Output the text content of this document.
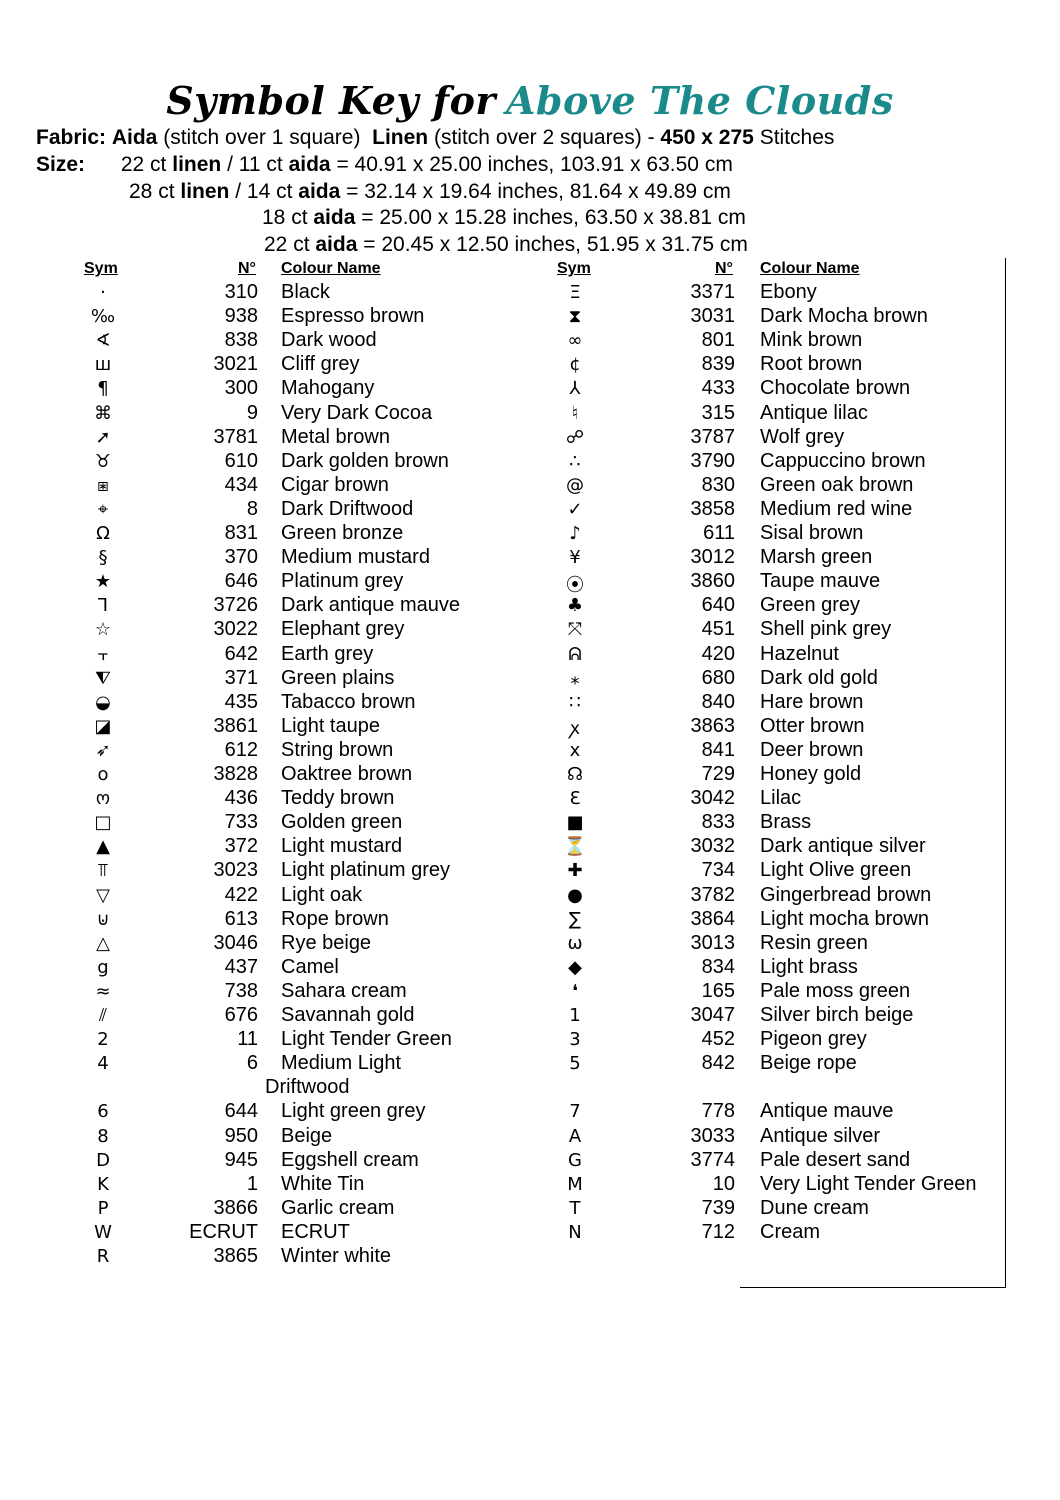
Symbol Key for Above The Clouds
Fabric: Aida (stitch over 1 square) Linen (stitch over 2 squares) - 450 x 275 Stitches
Size: 22 ct linen / 11 ct aida = 40.91 x 25.00 inches, 103.91 x 63.50 cm
28 ct linen / 14 ct aida = 32.14 x 19.64 inches, 81.64 x 49.89 cm
18 ct aida = 25.00 x 15.28 inches, 63.50 x 38.81 cm
22 ct aida = 20.45 x 12.50 inches, 51.95 x 31.75 cm
Sym	N° Colour Name	Sym	N° Colour Name
·	310 Black
‰	938 Espresso brown
∢	838 Dark wood
ш	3021 Cliff grey
¶	300 Mahogany
⌘	9 Very Dark Cocoa
➚	3781 Metal brown
♉	610 Dark golden brown
⧆	434 Cigar brown
⌖	8 Dark Driftwood
Ω	831 Green bronze
§	370 Medium mustard
★	646 Platinum grey
ꓶ	3726 Dark antique mauve
☆	3022 Elephant grey
⫟	642 Earth grey
⧨	371 Green plains
◒	435 Tabacco brown
◪	3861 Light taupe
➶	612 String brown
o	3828 Oaktree brown
ო	436 Teddy brown
□	733 Golden green
▲	372 Light mustard
⫪	3023 Light platinum grey
▽	422 Light oak
⊍	613 Rope brown
△	3046 Rye beige
g	437 Camel
≈	738 Sahara cream
⫽	676 Savannah gold
2	11 Light Tender Green
4	6 Medium Light
Driftwood
6	644 Light green grey
8	950 Beige
D	945 Eggshell cream
K	1 White Tin
P	3866 Garlic cream
W	ECRUT ECRUT
R	3865 Winter white
Ξ	3371 Ebony
⧗	3031 Dark Mocha brown
∞	801 Mink brown
¢	839 Root brown
⅄	433 Chocolate brown
♮	315 Antique lilac
☍	3787 Wolf grey
∴	3790 Cappuccino brown
@	830 Green oak brown
✓	3858 Medium red wine
♪	611 Sisal brown
¥	3012 Marsh green
⦿	3860 Taupe mauve
♣	640 Green grey
⤧	451 Shell pink grey
ᕱ	420 Hazelnut
⁎	680 Dark old gold
∷	840 Hare brown
ꭗ	3863 Otter brown
x	841 Deer brown
☊	729 Honey gold
Ɛ	3042 Lilac
■	833 Brass
⏳	3032 Dark antique silver
✚	734 Light Olive green
●	3782 Gingerbread brown
∑	3864 Light mocha brown
ω	3013 Resin green
◆	834 Light brass
❛	165 Pale moss green
1	3047 Silver birch beige
3	452 Pigeon grey
5	842 Beige rope
7	778 Antique mauve
A	3033 Antique silver
G	3774 Pale desert sand
M	10 Very Light Tender Green
T	739 Dune cream
N	712 Cream
